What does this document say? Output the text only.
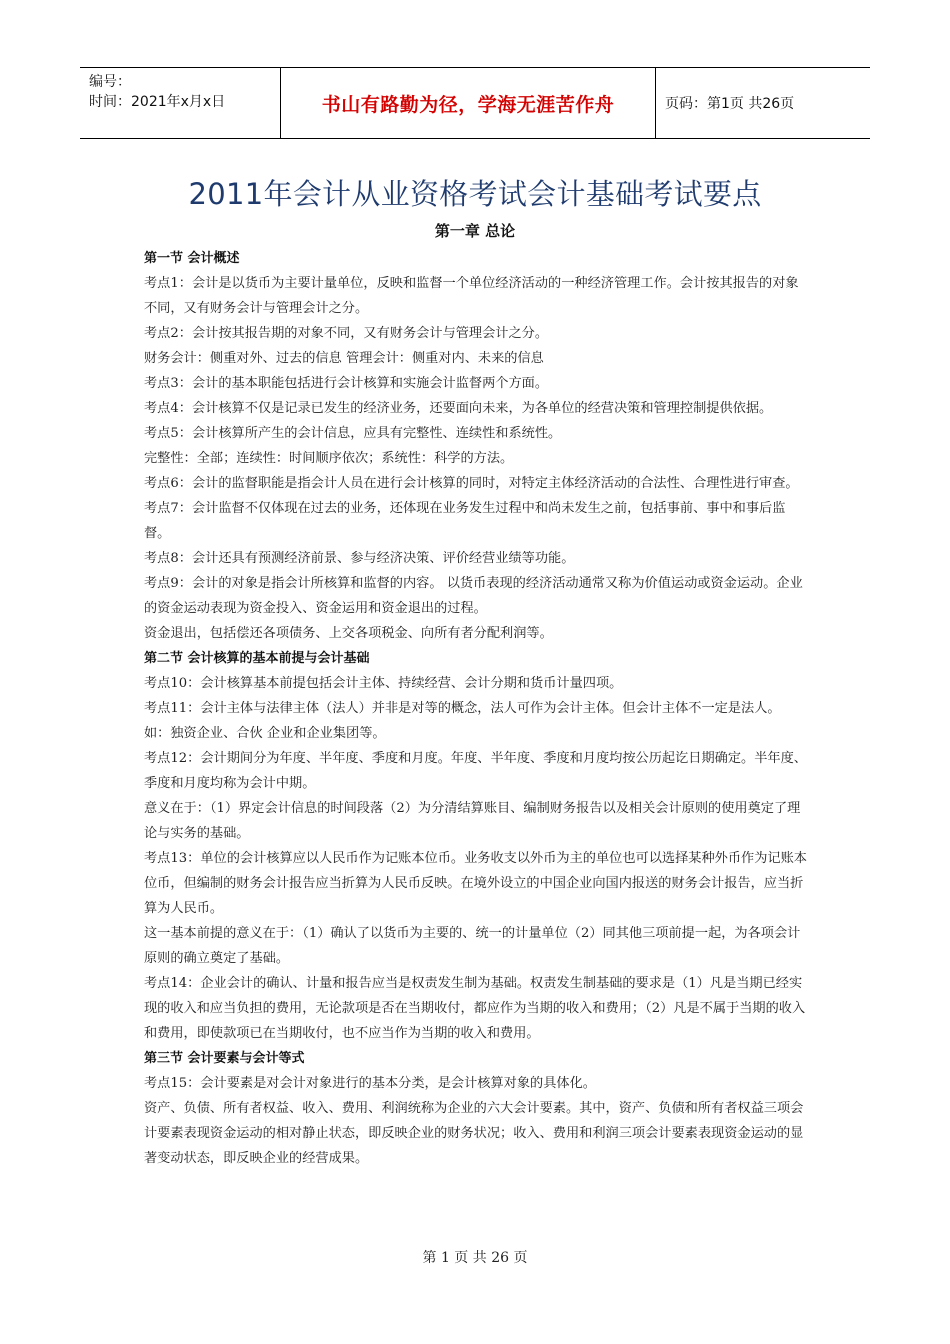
编号：
时间：2021年x月x日	书山有路勤为径，学海无涯苦作舟	页码：第1页 共26页
2011年会计从业资格考试会计基础考试要点
第一章 总论

第一节 会计概述

考点1：会计是以货币为主要计量单位，反映和监督一个单位经济活动的一种经济管理工作。会计按其报告的对象不同，又有财务会计与管理会计之分。

考点2：会计按其报告期的对象不同，又有财务会计与管理会计之分。

财务会计：侧重对外、过去的信息 管理会计：侧重对内、未来的信息

考点3：会计的基本职能包括进行会计核算和实施会计监督两个方面。

考点4：会计核算不仅是记录已发生的经济业务，还要面向未来，为各单位的经营决策和管理控制提供依据。

考点5：会计核算所产生的会计信息，应具有完整性、连续性和系统性。

完整性：全部；连续性：时间顺序依次；系统性：科学的方法。

考点6：会计的监督职能是指会计人员在进行会计核算的同时，对特定主体经济活动的合法性、合理性进行审查。

考点7：会计监督不仅体现在过去的业务，还体现在业务发生过程中和尚未发生之前，包括事前、事中和事后监督。

考点8：会计还具有预测经济前景、参与经济决策、评价经营业绩等功能。

考点9：会计的对象是指会计所核算和监督的内容。 以货币表现的经济活动通常又称为价值运动或资金运动。企业的资金运动表现为资金投入、资金运用和资金退出的过程。

资金退出，包括偿还各项债务、上交各项税金、向所有者分配利润等。

第二节 会计核算的基本前提与会计基础

考点10：会计核算基本前提包括会计主体、持续经营、会计分期和货币计量四项。

考点11：会计主体与法律主体（法人）并非是对等的概念，法人可作为会计主体。但会计主体不一定是法人。 如：独资企业、合伙 企业和企业集团等。

考点12：会计期间分为年度、半年度、季度和月度。年度、半年度、季度和月度均按公历起讫日期确定。半年度、季度和月度均称为会计中期。

意义在于：（1）界定会计信息的时间段落（2）为分清结算账目、编制财务报告以及相关会计原则的使用奠定了理论与实务的基础。

考点13：单位的会计核算应以人民币作为记账本位币。业务收支以外币为主的单位也可以选择某种外币作为记账本位币，但编制的财务会计报告应当折算为人民币反映。在境外设立的中国企业向国内报送的财务会计报告，应当折算为人民币。

这一基本前提的意义在于：（1）确认了以货币为主要的、统一的计量单位（2）同其他三项前提一起，为各项会计原则的确立奠定了基础。

考点14：企业会计的确认、计量和报告应当是权责发生制为基础。权责发生制基础的要求是（1）凡是当期已经实现的收入和应当负担的费用，无论款项是否在当期收付，都应作为当期的收入和费用；（2）凡是不属于当期的收入和费用，即使款项已在当期收付，也不应当作为当期的收入和费用。

第三节 会计要素与会计等式

考点15：会计要素是对会计对象进行的基本分类，是会计核算对象的具体化。

资产、负债、所有者权益、收入、费用、利润统称为企业的六大会计要素。其中，资产、负债和所有者权益三项会计要素表现资金运动的相对静止状态，即反映企业的财务状况；收入、费用和利润三项会计要素表现资金运动的显著变动状态，即反映企业的经营成果。

第 1 页 共 26 页
